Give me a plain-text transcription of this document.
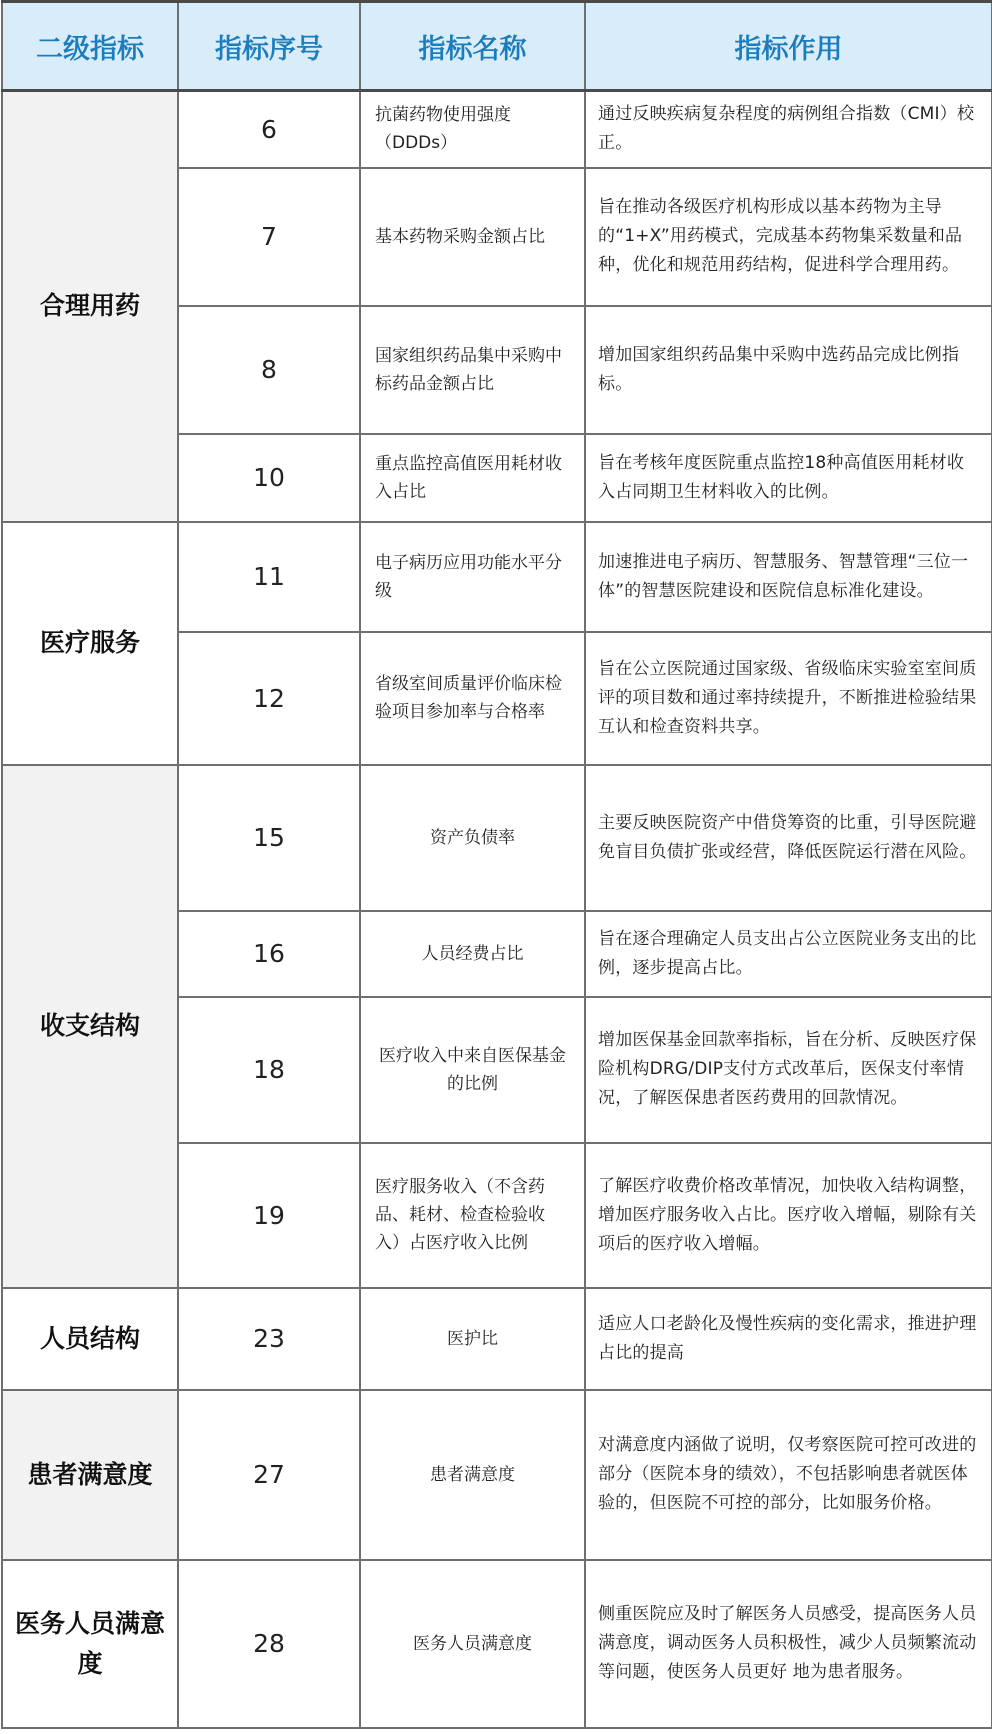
二级指标	指标序号	指标名称	指标作用
合理用药	6	抗菌药物使用强度（DDDs）	通过反映疾病复杂程度的病例组合指数（CMI）校正。
	7	基本药物采购金额占比	旨在推动各级医疗机构形成以基本药物为主导的“1+X”用药模式，完成基本药物集采数量和品种，优化和规范用药结构，促进科学合理用药。
	8	国家组织药品集中采购中标药品金额占比	增加国家组织药品集中采购中选药品完成比例指标。
	10	重点监控高值医用耗材收入占比	旨在考核年度医院重点监控18种高值医用耗材收入占同期卫生材料收入的比例。
医疗服务	11	电子病历应用功能水平分级	加速推进电子病历、智慧服务、智慧管理“三位一体”的智慧医院建设和医院信息标准化建设。
	12	省级室间质量评价临床检验项目参加率与合格率	旨在公立医院通过国家级、省级临床实验室室间质评的项目数和通过率持续提升，不断推进检验结果互认和检查资料共享。
收支结构	15	资产负债率	主要反映医院资产中借贷筹资的比重，引导医院避免盲目负债扩张或经营，降低医院运行潜在风险。
	16	人员经费占比	旨在逐合理确定人员支出占公立医院业务支出的比例，逐步提高占比。
	18	医疗收入中来自医保基金的比例	增加医保基金回款率指标，旨在分析、反映医疗保险机构DRG/DIP支付方式改革后，医保支付率情况，了解医保患者医药费用的回款情况。
	19	医疗服务收入（不含药品、耗材、检查检验收入）占医疗收入比例	了解医疗收费价格改革情况，加快收入结构调整，增加医疗服务收入占比。医疗收入增幅，剔除有关项后的医疗收入增幅。
人员结构	23	医护比	适应人口老龄化及慢性疾病的变化需求，推进护理占比的提高
患者满意度	27	患者满意度	对满意度内涵做了说明，仅考察医院可控可改进的部分（医院本身的绩效），不包括影响患者就医体验的，但医院不可控的部分，比如服务价格。
医务人员满意度	28	医务人员满意度	侧重医院应及时了解医务人员感受，提高医务人员满意度，调动医务人员积极性，减少人员频繁流动等问题，使医务人员更好 地为患者服务。
